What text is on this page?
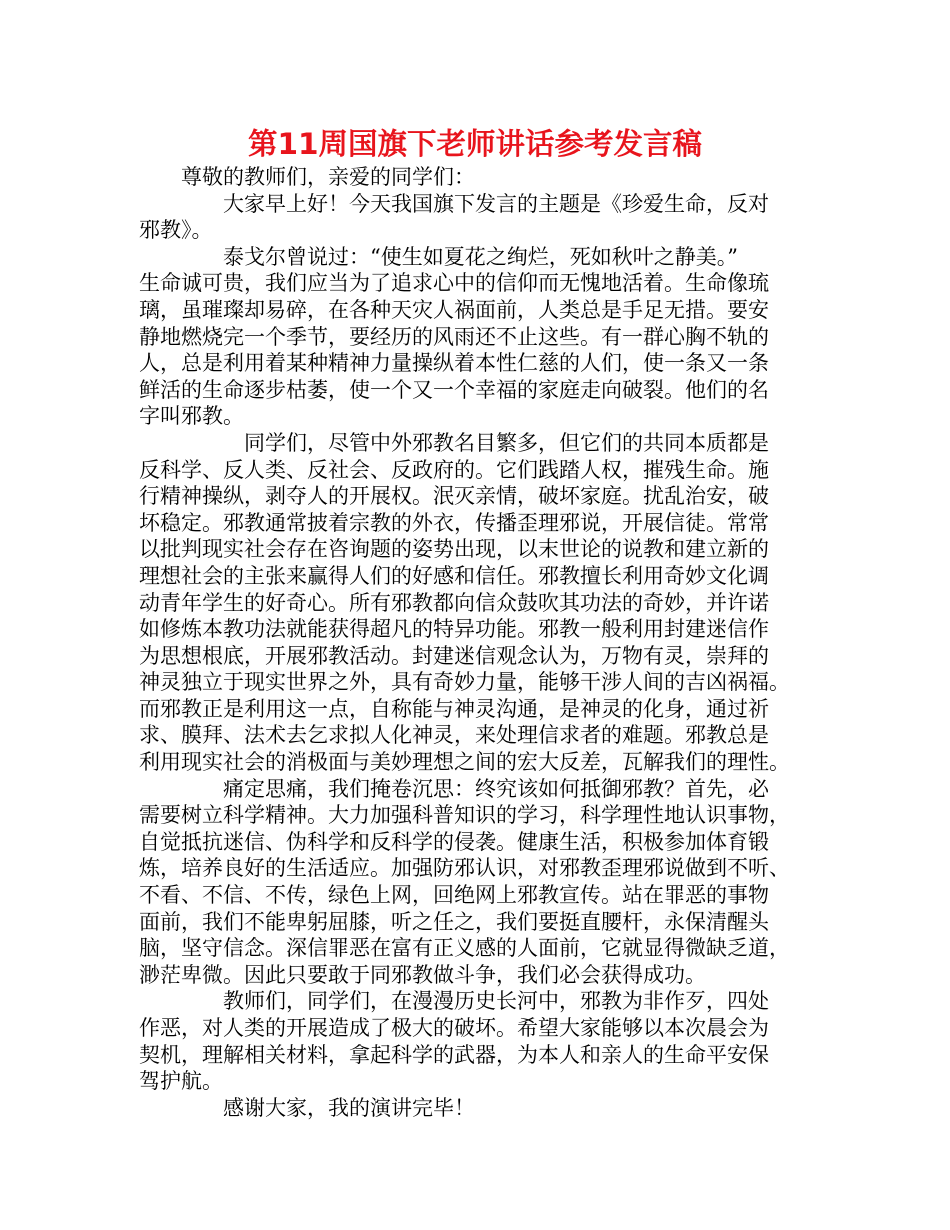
第11周国旗下老师讲话参考发言稿
　　尊敬的教师们，亲爱的同学们：
　　　　大家早上好！今天我国旗下发言的主题是《珍爱生命，反对
邪教》。
　　　　泰戈尔曾说过：“使生如夏花之绚烂，死如秋叶之静美。”
生命诚可贵，我们应当为了追求心中的信仰而无愧地活着。生命像琉
璃，虽璀璨却易碎，在各种天灾人祸面前，人类总是手足无措。要安
静地燃烧完一个季节，要经历的风雨还不止这些。有一群心胸不轨的
人，总是利用着某种精神力量操纵着本性仁慈的人们，使一条又一条
鲜活的生命逐步枯萎，使一个又一个幸福的家庭走向破裂。他们的名
字叫邪教。
　　　　　同学们，尽管中外邪教名目繁多，但它们的共同本质都是
反科学、反人类、反社会、反政府的。它们践踏人权，摧残生命。施
行精神操纵，剥夺人的开展权。泯灭亲情，破坏家庭。扰乱治安，破
坏稳定。邪教通常披着宗教的外衣，传播歪理邪说，开展信徒。常常
以批判现实社会存在咨询题的姿势出现，以末世论的说教和建立新的
理想社会的主张来赢得人们的好感和信任。邪教擅长利用奇妙文化调
动青年学生的好奇心。所有邪教都向信众鼓吹其功法的奇妙，并许诺
如修炼本教功法就能获得超凡的特异功能。邪教一般利用封建迷信作
为思想根底，开展邪教活动。封建迷信观念认为，万物有灵，崇拜的
神灵独立于现实世界之外，具有奇妙力量，能够干涉人间的吉凶祸福。
而邪教正是利用这一点，自称能与神灵沟通，是神灵的化身，通过祈
求、膜拜、法术去乞求拟人化神灵，来处理信求者的难题。邪教总是
利用现实社会的消极面与美妙理想之间的宏大反差，瓦解我们的理性。
　　　　痛定思痛，我们掩卷沉思：终究该如何抵御邪教？首先，必
需要树立科学精神。大力加强科普知识的学习，科学理性地认识事物，
自觉抵抗迷信、伪科学和反科学的侵袭。健康生活，积极参加体育锻
炼，培养良好的生活适应。加强防邪认识，对邪教歪理邪说做到不听、
不看、不信、不传，绿色上网，回绝网上邪教宣传。站在罪恶的事物
面前，我们不能卑躬屈膝，听之任之，我们要挺直腰杆，永保清醒头
脑，坚守信念。深信罪恶在富有正义感的人面前，它就显得微缺乏道，
渺茫卑微。因此只要敢于同邪教做斗争，我们必会获得成功。
　　　　教师们，同学们，在漫漫历史长河中，邪教为非作歹，四处
作恶，对人类的开展造成了极大的破坏。希望大家能够以本次晨会为
契机，理解相关材料，拿起科学的武器，为本人和亲人的生命平安保
驾护航。
　　　　感谢大家，我的演讲完毕！
